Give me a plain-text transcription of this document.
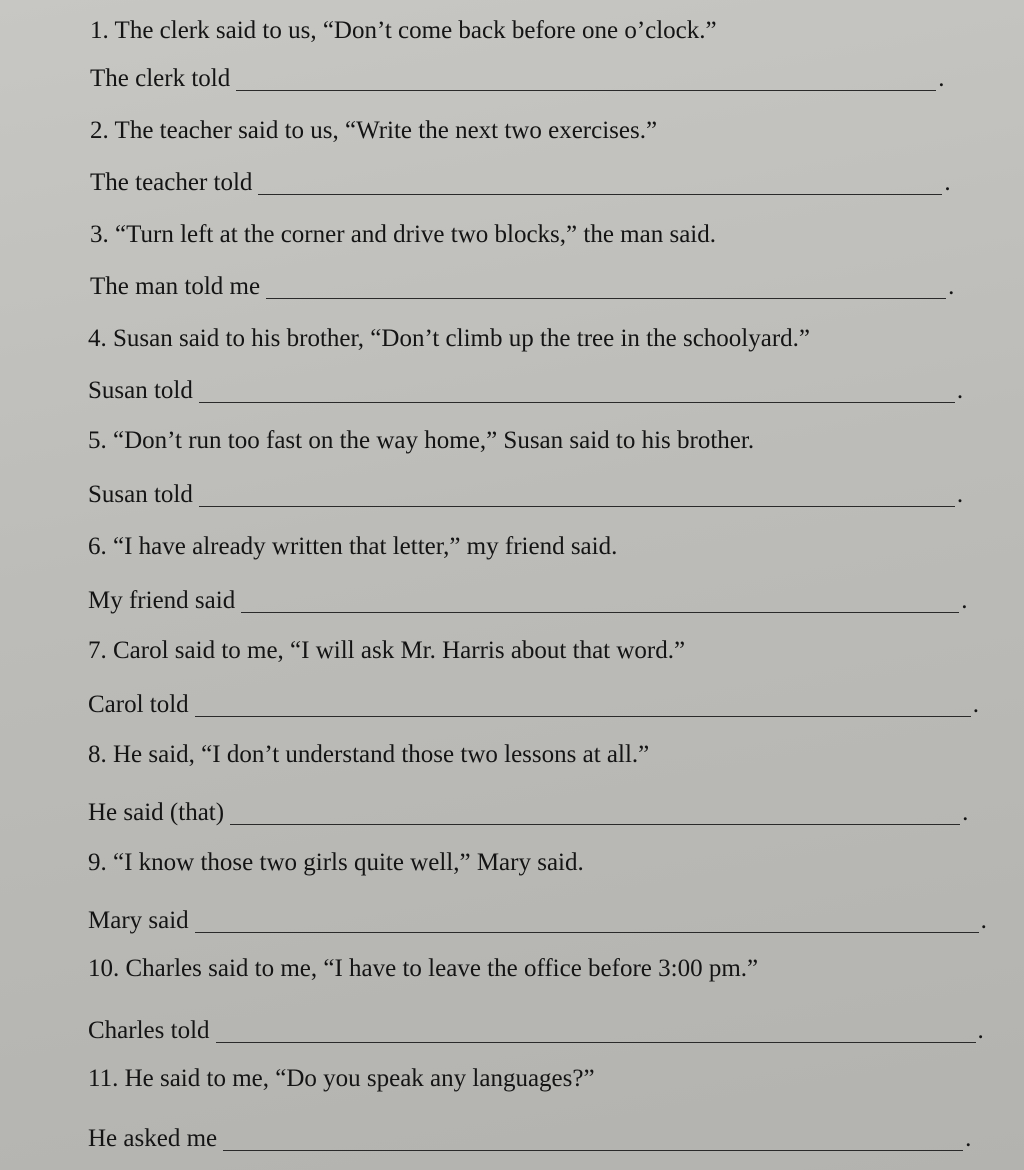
1. The clerk said to us, “Don’t come back before one o’clock.”
The clerk told	.
2. The teacher said to us, “Write the next two exercises.”
The teacher told	.
3. “Turn left at the corner and drive two blocks,” the man said.
The man told me	.
4. Susan said to his brother, “Don’t climb up the tree in the schoolyard.”
Susan told	.
5. “Don’t run too fast on the way home,” Susan said to his brother.
Susan told	.
6. “I have already written that letter,” my friend said.
My friend said	.
7. Carol said to me, “I will ask Mr. Harris about that word.”
Carol told	.
8. He said, “I don’t understand those two lessons at all.”
He said (that)	.
9. “I know those two girls quite well,” Mary said.
Mary said	.
10. Charles said to me, “I have to leave the office before 3:00 pm.”
Charles told	.
11. He said to me, “Do you speak any languages?”
He asked me	.
